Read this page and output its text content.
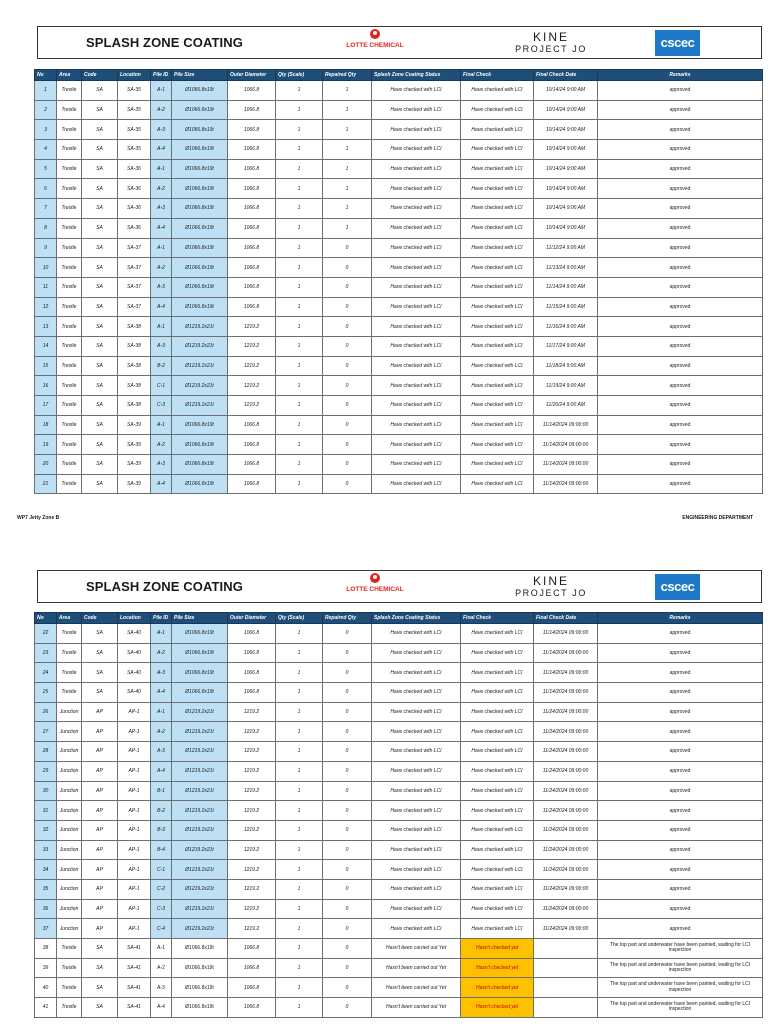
SPLASH ZONE COATING	LOTTE CHEMICAL
KINE
PROJECT JO	cscec
No	Area	Code	Location	Pile ID	Pile Size	Outer Diameter	Qty (Scale)	Repaired Qty	Splash Zone Coating Status	Final Check	Final Check Date	Remarks
1	Trestle	SA	SA-35	A-1	Ø1066.8x19t	1066.8	1	1	Have checked with LCI	Have checked with LCI	10/14/24 9:00 AM	approved
2	Trestle	SA	SA-35	A-2	Ø1066.8x19t	1066.8	1	1	Have checked with LCI	Have checked with LCI	10/14/24 9:00 AM	approved
3	Trestle	SA	SA-35	A-3	Ø1066.8x19t	1066.8	1	1	Have checked with LCI	Have checked with LCI	10/14/24 9:00 AM	approved
4	Trestle	SA	SA-35	A-4	Ø1066.8x19t	1066.8	1	1	Have checked with LCI	Have checked with LCI	10/14/24 9:00 AM	approved
5	Trestle	SA	SA-36	A-1	Ø1066.8x19t	1066.8	1	1	Have checked with LCI	Have checked with LCI	10/14/24 9:00 AM	approved
6	Trestle	SA	SA-36	A-2	Ø1066.8x19t	1066.8	1	1	Have checked with LCI	Have checked with LCI	10/14/24 9:00 AM	approved
7	Trestle	SA	SA-36	A-3	Ø1066.8x19t	1066.8	1	1	Have checked with LCI	Have checked with LCI	10/14/24 9:00 AM	approved
8	Trestle	SA	SA-36	A-4	Ø1066.8x19t	1066.8	1	1	Have checked with LCI	Have checked with LCI	10/14/24 9:00 AM	approved
9	Trestle	SA	SA-37	A-1	Ø1066.8x19t	1066.8	1	0	Have checked with LCI	Have checked with LCI	11/12/24 9:00 AM	approved
10	Trestle	SA	SA-37	A-2	Ø1066.8x19t	1066.8	1	0	Have checked with LCI	Have checked with LCI	11/13/24 9:00 AM	approved
11	Trestle	SA	SA-37	A-3	Ø1066.8x19t	1066.8	1	0	Have checked with LCI	Have checked with LCI	11/14/24 9:00 AM	approved
12	Trestle	SA	SA-37	A-4	Ø1066.8x19t	1066.8	1	0	Have checked with LCI	Have checked with LCI	11/15/24 9:00 AM	approved
13	Trestle	SA	SA-38	A-1	Ø1219.2x21t	1219.2	1	0	Have checked with LCI	Have checked with LCI	11/16/24 9:00 AM	approved
14	Trestle	SA	SA-38	A-3	Ø1219.2x21t	1219.2	1	0	Have checked with LCI	Have checked with LCI	11/17/24 9:00 AM	approved
15	Trestle	SA	SA-38	B-2	Ø1219.2x21t	1219.2	1	0	Have checked with LCI	Have checked with LCI	11/18/24 9:00 AM	approved
16	Trestle	SA	SA-38	C-1	Ø1219.2x21t	1219.2	1	0	Have checked with LCI	Have checked with LCI	11/19/24 9:00 AM	approved
17	Trestle	SA	SA-38	C-3	Ø1219.2x21t	1219.2	1	0	Have checked with LCI	Have checked with LCI	11/20/24 9:00 AM	approved
18	Trestle	SA	SA-39	A-1	Ø1066.8x19t	1066.8	1	0	Have checked with LCI	Have checked with LCI	11/14/2024 09:00:00	approved
19	Trestle	SA	SA-39	A-2	Ø1066.8x19t	1066.8	1	0	Have checked with LCI	Have checked with LCI	11/14/2024 09:00:00	approved
20	Trestle	SA	SA-39	A-3	Ø1066.8x19t	1066.8	1	0	Have checked with LCI	Have checked with LCI	11/14/2024 09:00:00	approved
21	Trestle	SA	SA-39	A-4	Ø1066.8x19t	1066.8	1	0	Have checked with LCI	Have checked with LCI	11/14/2024 09:00:00	approved
WP7 Jetty Zone B	ENGINEERING DEPARTMENT
SPLASH ZONE COATING	LOTTE CHEMICAL
KINE
PROJECT JO	cscec
No	Area	Code	Location	Pile ID	Pile Size	Outer Diameter	Qty (Scale)	Repaired Qty	Splash Zone Coating Status	Final Check	Final Check Date	Remarks
22	Trestle	SA	SA-40	A-1	Ø1066.8x19t	1066.8	1	0	Have checked with LCI	Have checked with LCI	11/14/2024 09:00:00	approved
23	Trestle	SA	SA-40	A-2	Ø1066.8x19t	1066.8	1	0	Have checked with LCI	Have checked with LCI	11/14/2024 09:00:00	approved
24	Trestle	SA	SA-40	A-3	Ø1066.8x19t	1066.8	1	0	Have checked with LCI	Have checked with LCI	11/14/2024 09:00:00	approved
25	Trestle	SA	SA-40	A-4	Ø1066.8x19t	1066.8	1	0	Have checked with LCI	Have checked with LCI	11/14/2024 09:00:00	approved
26	Junction	AP	AP-1	A-1	Ø1219.2x21t	1219.2	1	0	Have checked with LCI	Have checked with LCI	11/24/2024 09:00:00	approved
27	Junction	AP	AP-1	A-2	Ø1219.2x21t	1219.2	1	0	Have checked with LCI	Have checked with LCI	11/24/2024 09:00:00	approved
28	Junction	AP	AP-1	A-3	Ø1219.2x21t	1219.2	1	0	Have checked with LCI	Have checked with LCI	11/24/2024 09:00:00	approved
29	Junction	AP	AP-1	A-4	Ø1219.2x21t	1219.2	1	0	Have checked with LCI	Have checked with LCI	11/24/2024 09:00:00	approved
30	Junction	AP	AP-1	B-1	Ø1219.2x21t	1219.2	1	0	Have checked with LCI	Have checked with LCI	11/24/2024 09:00:00	approved
31	Junction	AP	AP-1	B-2	Ø1219.2x21t	1219.2	1	0	Have checked with LCI	Have checked with LCI	11/24/2024 09:00:00	approved
32	Junction	AP	AP-1	B-3	Ø1219.2x21t	1219.2	1	0	Have checked with LCI	Have checked with LCI	11/24/2024 09:00:00	approved
33	Junction	AP	AP-1	B-4	Ø1219.2x21t	1219.2	1	0	Have checked with LCI	Have checked with LCI	11/24/2024 09:00:00	approved
34	Junction	AP	AP-1	C-1	Ø1219.2x21t	1219.2	1	0	Have checked with LCI	Have checked with LCI	11/24/2024 09:00:00	approved
35	Junction	AP	AP-1	C-2	Ø1219.2x21t	1219.2	1	0	Have checked with LCI	Have checked with LCI	11/24/2024 09:00:00	approved
36	Junction	AP	AP-1	C-3	Ø1219.2x21t	1219.2	1	0	Have checked with LCI	Have checked with LCI	11/24/2024 09:00:00	approved
37	Junction	AP	AP-1	C-4	Ø1219.2x21t	1219.2	1	0	Have checked with LCI	Have checked with LCI	11/24/2024 09:00:00	approved
38	Trestle	SA	SA-41	A-1	Ø1066.8x19t	1066.8	1	0	Hasn't been carried out Yet	Hasn't checked yet		The top part and underwater have been painted, waiting for LCI inspection
39	Trestle	SA	SA-41	A-2	Ø1066.8x19t	1066.8	1	0	Hasn't been carried out Yet	Hasn't checked yet		The top part and underwater have been painted, waiting for LCI inspection
40	Trestle	SA	SA-41	A-3	Ø1066.8x19t	1066.8	1	0	Hasn't been carried out Yet	Hasn't checked yet		The top part and underwater have been painted, waiting for LCI inspection
41	Trestle	SA	SA-41	A-4	Ø1066.8x19t	1066.8	1	0	Hasn't been carried out Yet	Hasn't checked yet		The top part and underwater have been painted, waiting for LCI inspection
